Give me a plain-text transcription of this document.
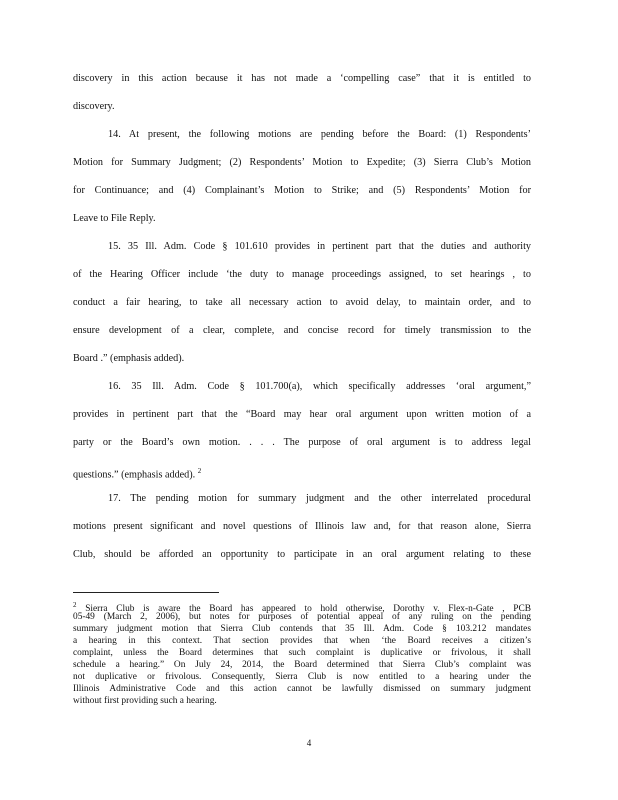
discovery in this action because it has not made a ‘compelling case” that it is entitled to
discovery.
14. At present, the following motions are pending before the Board: (1) Respondents’
Motion for Summary Judgment; (2) Respondents’ Motion to Expedite; (3) Sierra Club’s Motion
for Continuance; and (4) Complainant’s Motion to Strike; and (5) Respondents’ Motion for
Leave to File Reply.
15. 35 Ill. Adm. Code § 101.610 provides in pertinent part that the duties and authority
of the Hearing Officer include ‘the duty to manage proceedings assigned, to set hearings , to
conduct a fair hearing, to take all necessary action to avoid delay, to maintain order, and to
ensure development of a clear, complete, and concise record for timely transmission to the
Board .” (emphasis added).
16. 35 Ill. Adm. Code § 101.700(a), which specifically addresses ‘oral argument,”
provides in pertinent part that the “Board may hear oral argument upon written motion of a
party or the Board’s own motion. . . . The purpose of oral argument is to address legal
questions.” (emphasis added). $^2$
17. The pending motion for summary judgment and the other interrelated procedural
motions present significant and novel questions of Illinois law and, for that reason alone, Sierra
Club, should be afforded an opportunity to participate in an oral argument relating to these
$^2$ Sierra Club is aware the Board has appeared to hold otherwise, Dorothy v. Flex-n-Gate , PCB
05-49 (March 2, 2006), but notes for purposes of potential appeal of any ruling on the pending
summary judgment motion that Sierra Club contends that 35 Ill. Adm. Code § 103.212 mandates
a hearing in this context. That section provides that when ‘the Board receives a citizen’s
complaint, unless the Board determines that such complaint is duplicative or frivolous, it shall
schedule a hearing.” On July 24, 2014, the Board determined that Sierra Club’s complaint was
not duplicative or frivolous. Consequently, Sierra Club is now entitled to a hearing under the
Illinois Administrative Code and this action cannot be lawfully dismissed on summary judgment
without first providing such a hearing.
4
